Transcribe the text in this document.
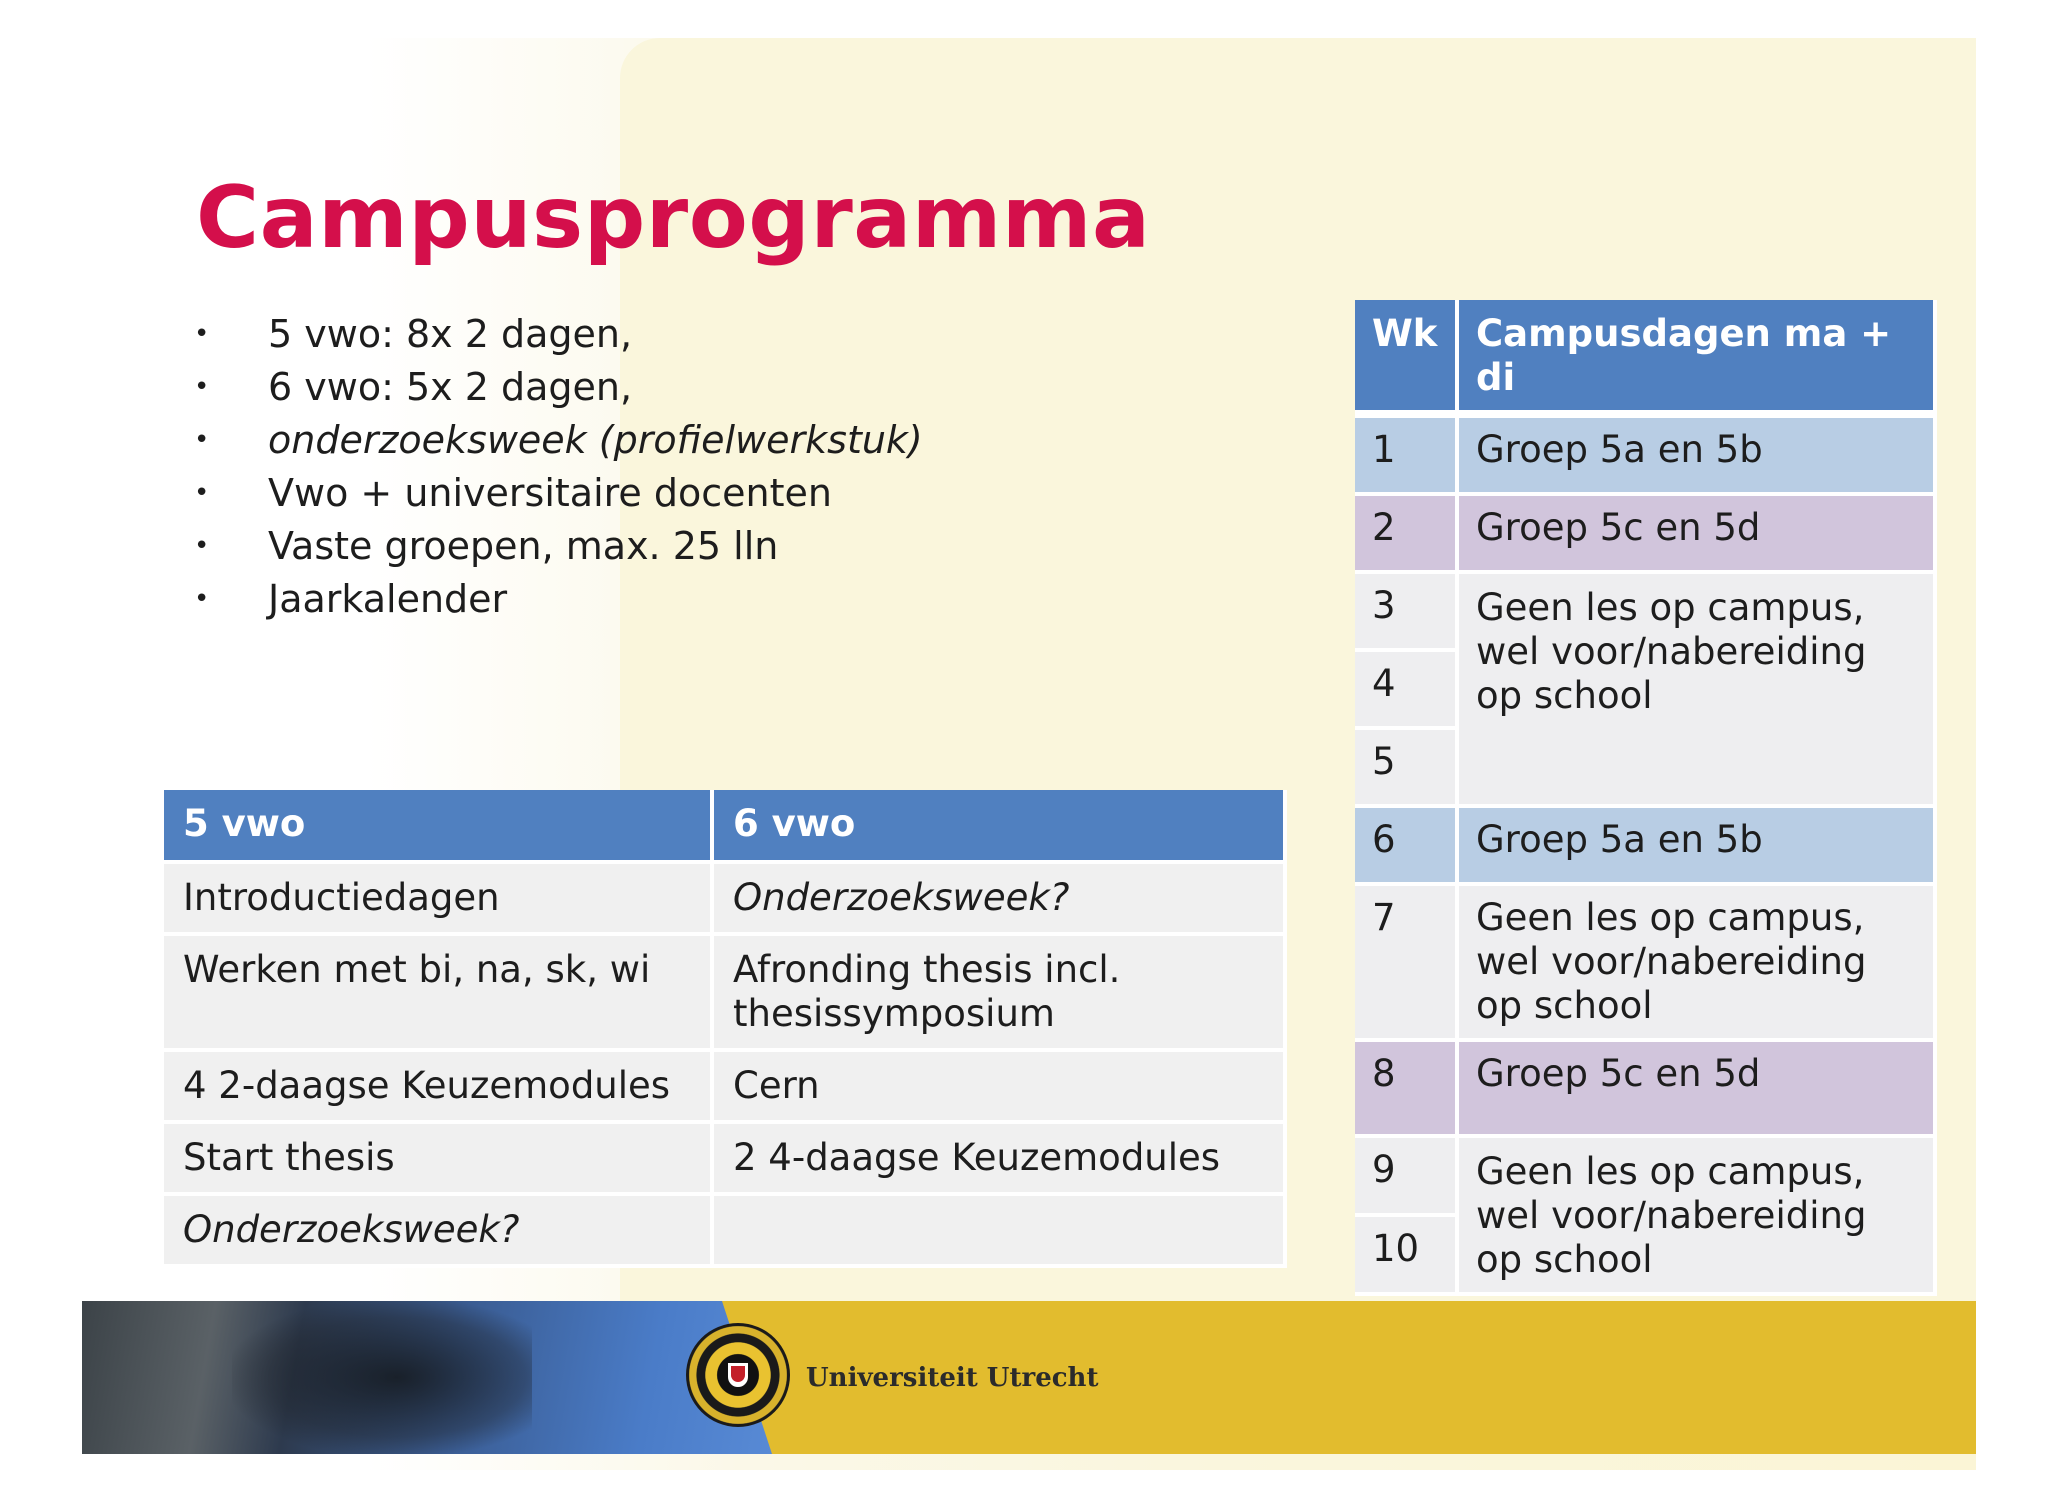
Campusprogramma
•	5 vwo: 8x 2 dagen,
•	6 vwo: 5x 2 dagen,
•	onderzoeksweek (profielwerkstuk)
•	Vwo + universitaire docenten
•	Vaste groepen, max. 25 lln
•	Jaarkalender
5 vwo	6 vwo
Introductiedagen	Onderzoeksweek?
Werken met bi, na, sk, wi	Afronding thesis incl. thesissymposium
4 2-daagse Keuzemodules	Cern
Start thesis	2 4-daagse Keuzemodules
Onderzoeksweek?	
Wk	Campusdagen ma + di
1	Groep 5a en 5b
2	Groep 5c en 5d
3	Geen les op campus, wel voor/nabereiding op school
4	
5	
6	Groep 5a en 5b
7	Geen les op campus, wel voor/nabereiding op school
8	Groep 5c en 5d
9	Geen les op campus, wel voor/nabereiding op school
10	
Universiteit Utrecht
